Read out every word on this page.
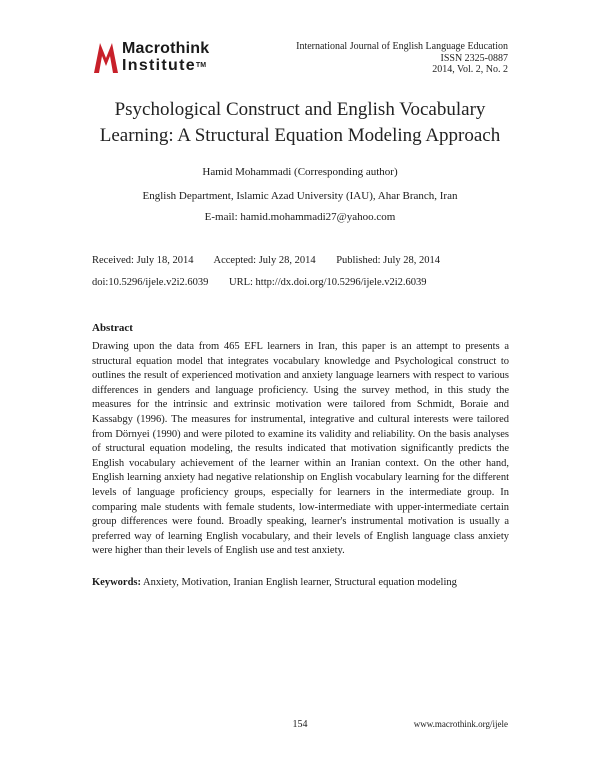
Macrothink
Institute™
International Journal of English Language Education
ISSN 2325-0887
2014, Vol. 2, No. 2
Psychological Construct and English Vocabulary
Learning: A Structural Equation Modeling Approach
Hamid Mohammadi (Corresponding author)
English Department, Islamic Azad University (IAU), Ahar Branch, Iran
E-mail: hamid.mohammadi27@yahoo.com
Received: July 18, 2014 Accepted: July 28, 2014 Published: July 28, 2014
doi:10.5296/ijele.v2i2.6039 URL: http://dx.doi.org/10.5296/ijele.v2i2.6039
Abstract

Drawing upon the data from 465 EFL learners in Iran, this paper is an attempt to presents a structural equation model that integrates vocabulary knowledge and Psychological construct to outlines the result of experienced motivation and anxiety language learners with respect to various differences in genders and language proficiency. Using the survey method, in this study the measures for the intrinsic and extrinsic motivation were tailored from Schmidt, Boraie and Kassabgy (1996). The measures for instrumental, integrative and cultural interests were tailored from Dörnyei (1990) and were piloted to examine its validity and reliability. On the basis analyses of structural equation modeling, the results indicated that motivation significantly predicts the English vocabulary achievement of the learner within an Iranian context. On the other hand, English learning anxiety had negative relationship on English vocabulary learning for the different levels of language proficiency groups, especially for learners in the intermediate group. In comparing male students with female students, low-intermediate with upper-intermediate certain group differences were found. Broadly speaking, learner's instrumental motivation is usually a preferred way of learning English vocabulary, and their levels of English language class anxiety were higher than their levels of English use and test anxiety.

Keywords: Anxiety, Motivation, Iranian English learner, Structural equation modeling
154	www.macrothink.org/ijele
